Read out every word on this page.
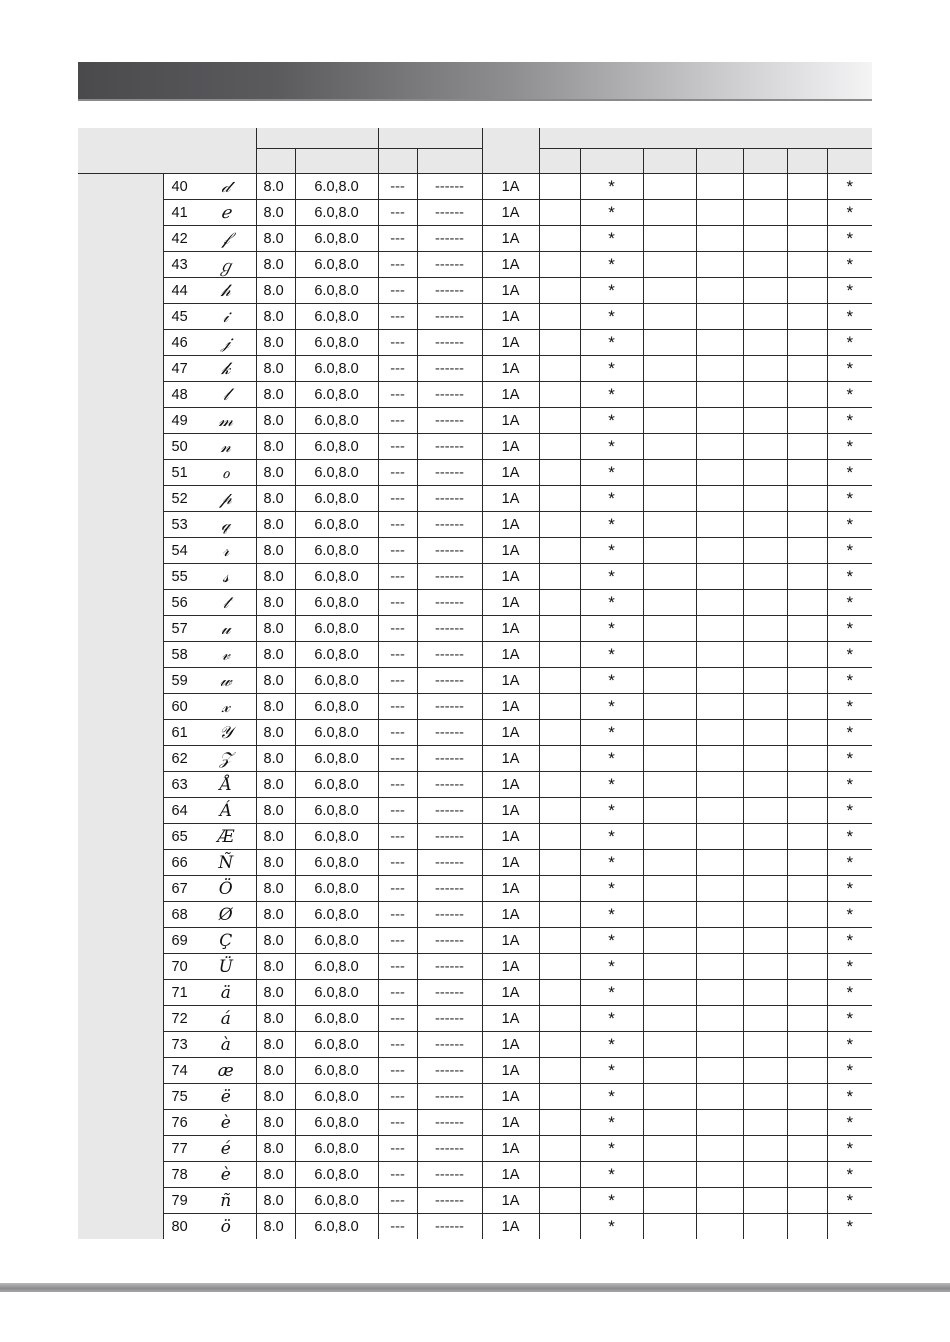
	40	𝒹	8.0	6.0,8.0	---	------	1A		*					*
	41	ℯ	8.0	6.0,8.0	---	------	1A		*					*
	42	𝒻	8.0	6.0,8.0	---	------	1A		*					*
	43	ℊ	8.0	6.0,8.0	---	------	1A		*					*
	44	𝒽	8.0	6.0,8.0	---	------	1A		*					*
	45	𝒾	8.0	6.0,8.0	---	------	1A		*					*
	46	𝒿	8.0	6.0,8.0	---	------	1A		*					*
	47	𝓀	8.0	6.0,8.0	---	------	1A		*					*
	48	𝓁	8.0	6.0,8.0	---	------	1A		*					*
	49	𝓂	8.0	6.0,8.0	---	------	1A		*					*
	50	𝓃	8.0	6.0,8.0	---	------	1A		*					*
	51	ℴ	8.0	6.0,8.0	---	------	1A		*					*
	52	𝓅	8.0	6.0,8.0	---	------	1A		*					*
	53	𝓆	8.0	6.0,8.0	---	------	1A		*					*
	54	𝓇	8.0	6.0,8.0	---	------	1A		*					*
	55	𝓈	8.0	6.0,8.0	---	------	1A		*					*
	56	𝓉	8.0	6.0,8.0	---	------	1A		*					*
	57	𝓊	8.0	6.0,8.0	---	------	1A		*					*
	58	𝓋	8.0	6.0,8.0	---	------	1A		*					*
	59	𝓌	8.0	6.0,8.0	---	------	1A		*					*
	60	𝓍	8.0	6.0,8.0	---	------	1A		*					*
	61	𝒴	8.0	6.0,8.0	---	------	1A		*					*
	62	𝒵	8.0	6.0,8.0	---	------	1A		*					*
	63	Å	8.0	6.0,8.0	---	------	1A		*					*
	64	Á	8.0	6.0,8.0	---	------	1A		*					*
	65	Æ	8.0	6.0,8.0	---	------	1A		*					*
	66	Ñ	8.0	6.0,8.0	---	------	1A		*					*
	67	Ö	8.0	6.0,8.0	---	------	1A		*					*
	68	Ø	8.0	6.0,8.0	---	------	1A		*					*
	69	Ç	8.0	6.0,8.0	---	------	1A		*					*
	70	Ü	8.0	6.0,8.0	---	------	1A		*					*
	71	ä	8.0	6.0,8.0	---	------	1A		*					*
	72	á	8.0	6.0,8.0	---	------	1A		*					*
	73	à	8.0	6.0,8.0	---	------	1A		*					*
	74	æ	8.0	6.0,8.0	---	------	1A		*					*
	75	ë	8.0	6.0,8.0	---	------	1A		*					*
	76	è	8.0	6.0,8.0	---	------	1A		*					*
	77	é	8.0	6.0,8.0	---	------	1A		*					*
	78	è	8.0	6.0,8.0	---	------	1A		*					*
	79	ñ	8.0	6.0,8.0	---	------	1A		*					*
	80	ö	8.0	6.0,8.0	---	------	1A		*					*
